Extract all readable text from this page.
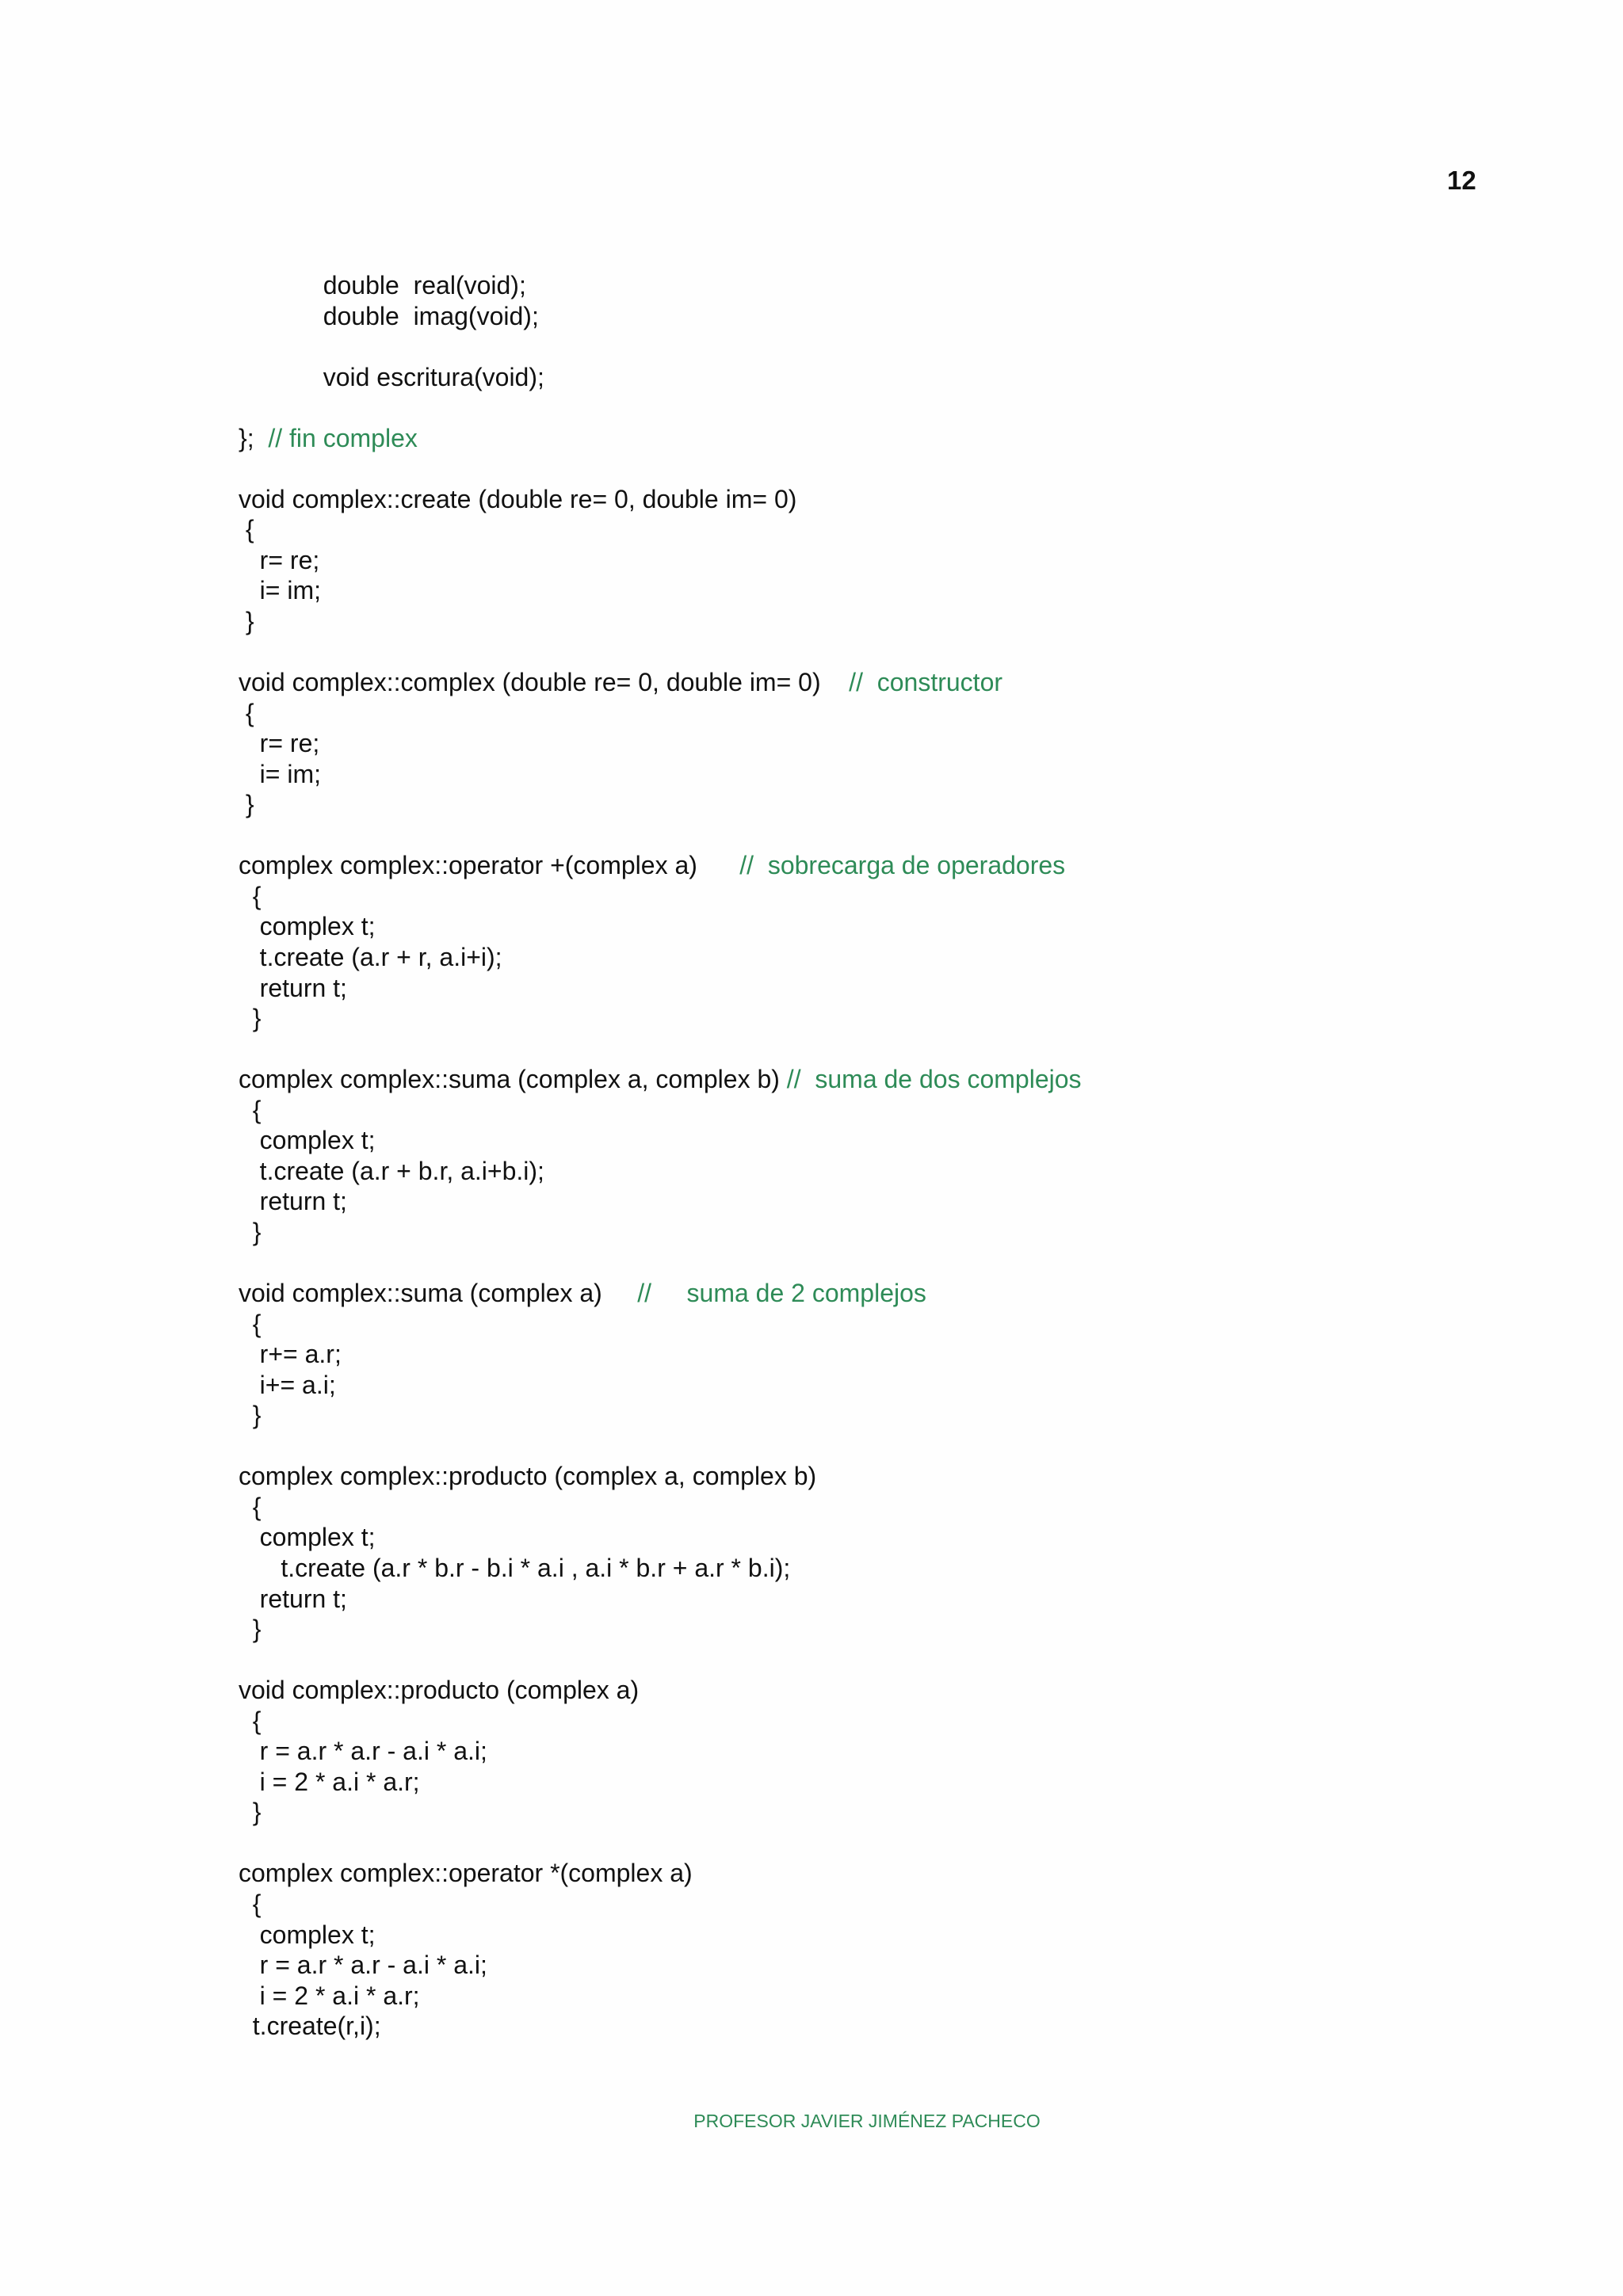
12
double  real(void);
double  imag(void);
void escritura(void);
};  // fin complex
void complex::create (double re= 0, double im= 0)
{
r= re;
i= im;
}
void complex::complex (double re= 0, double im= 0)    //  constructor
{
r= re;
i= im;
}
complex complex::operator +(complex a)      //  sobrecarga de operadores
{
complex t;
t.create (a.r + r, a.i+i);
return t;
}
complex complex::suma (complex a, complex b) //  suma de dos complejos
{
complex t;
t.create (a.r + b.r, a.i+b.i);
return t;
}
void complex::suma (complex a)     //     suma de 2 complejos
{
r+= a.r;
i+= a.i;
}
complex complex::producto (complex a, complex b)
{
complex t;
t.create (a.r * b.r - b.i * a.i , a.i * b.r + a.r * b.i);
return t;
}
void complex::producto (complex a)
{
r = a.r * a.r - a.i * a.i;
i = 2 * a.i * a.r;
}
complex complex::operator *(complex a)
{
complex t;
r = a.r * a.r - a.i * a.i;
i = 2 * a.i * a.r;
t.create(r,i);
PROFESOR JAVIER JIMÉNEZ PACHECO
